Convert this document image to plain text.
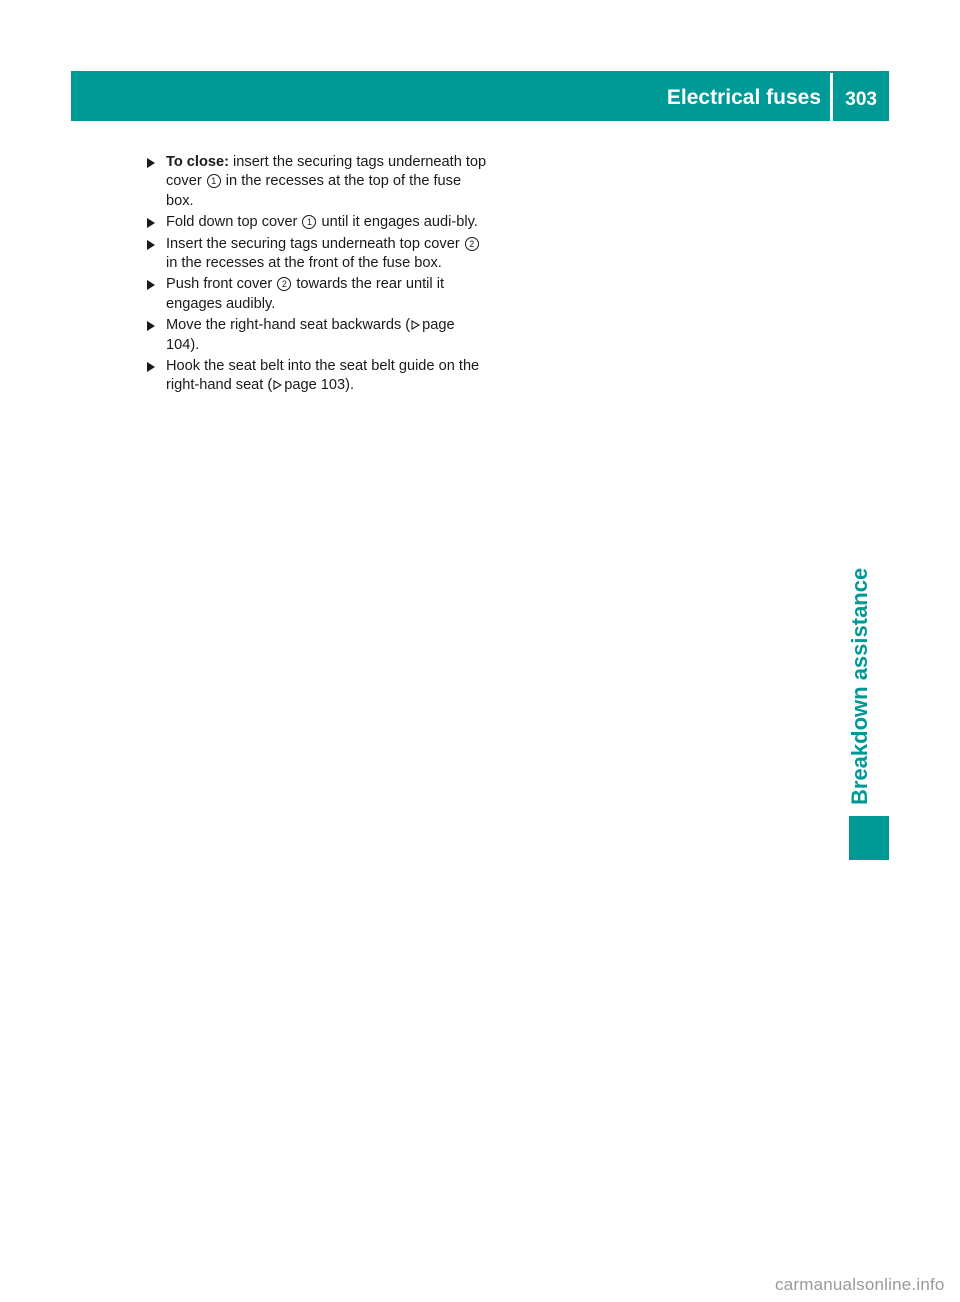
Electrical fuses 303
Breakdown assistance
To close: insert the securing tags underneath top cover 1 in the recesses at the top of the fuse box.
Fold down top cover 1 until it engages audi-bly.
Insert the securing tags underneath top cover 2 in the recesses at the front of the fuse box.
Push front cover 2 towards the rear until it engages audibly.
Move the right-hand seat backwards ( page 104).
Hook the seat belt into the seat belt guide on the right-hand seat ( page 103).
carmanualsonline.info
